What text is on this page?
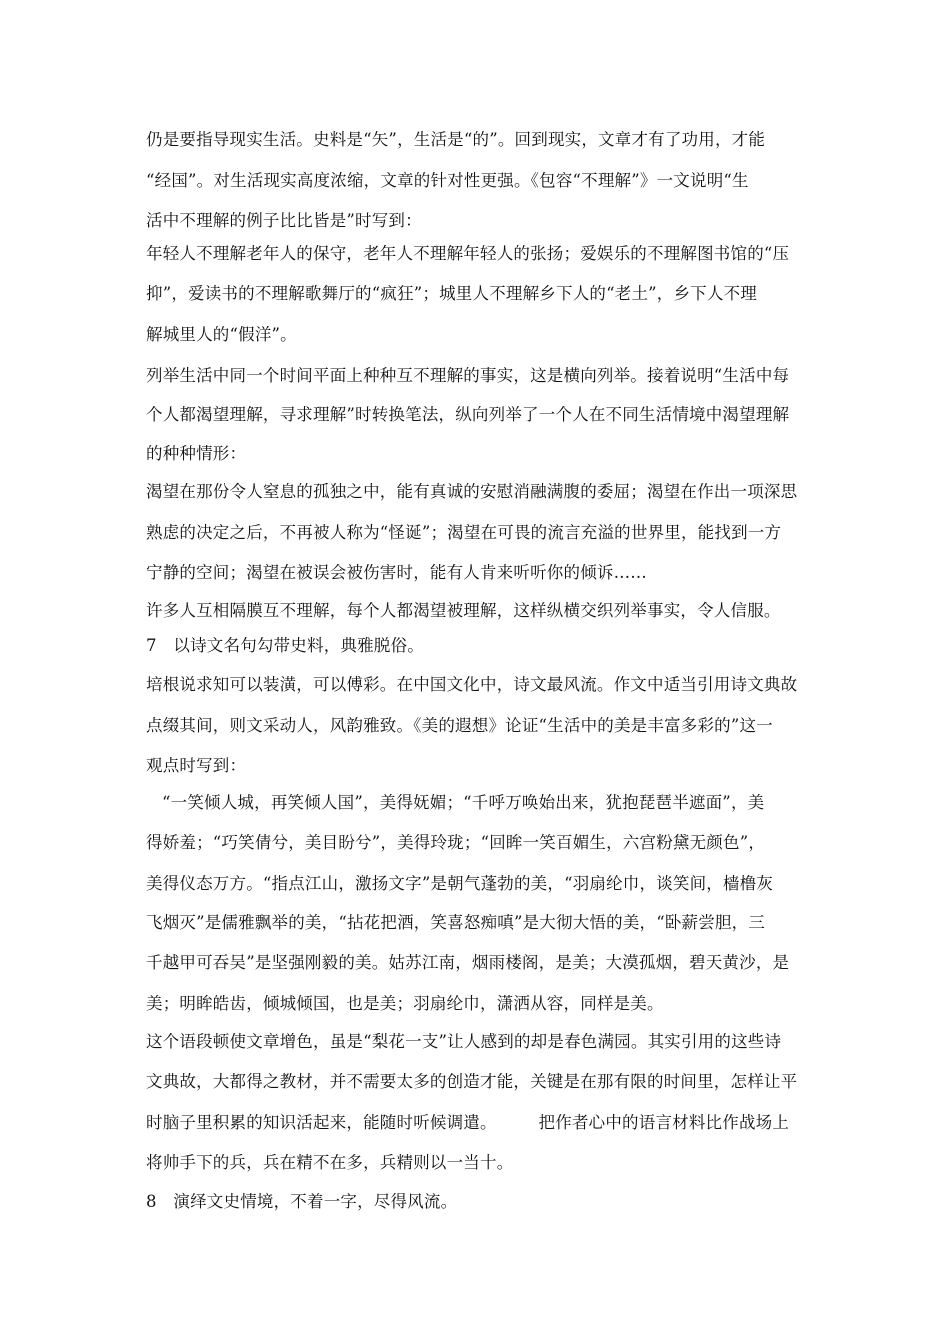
仍是要指导现实生活。史料是“矢”，生活是“的”。回到现实，文章才有了功用，才能
“经国”。对生活现实高度浓缩，文章的针对性更强。《包容“不理解”》一文说明“生
活中不理解的例子比比皆是”时写到：
年轻人不理解老年人的保守，老年人不理解年轻人的张扬；爱娱乐的不理解图书馆的“压
抑”，爱读书的不理解歌舞厅的“疯狂”；城里人不理解乡下人的“老土”，乡下人不理
解城里人的“假洋”。
列举生活中同一个时间平面上种种互不理解的事实，这是横向列举。接着说明“生活中每
个人都渴望理解，寻求理解”时转换笔法，纵向列举了一个人在不同生活情境中渴望理解
的种种情形：
渴望在那份令人窒息的孤独之中，能有真诚的安慰消融满腹的委屈；渴望在作出一项深思
熟虑的决定之后，不再被人称为“怪诞”；渴望在可畏的流言充溢的世界里，能找到一方
宁静的空间；渴望在被误会被伤害时，能有人肯来听听你的倾诉……
许多人互相隔膜互不理解，每个人都渴望被理解，这样纵横交织列举事实，令人信服。
7　以诗文名句勾带史料，典雅脱俗。
培根说求知可以装潢，可以傅彩。在中国文化中，诗文最风流。作文中适当引用诗文典故
点缀其间，则文采动人，风韵雅致。《美的遐想》论证“生活中的美是丰富多彩的”这一
观点时写到：
“一笑倾人城，再笑倾人国”，美得妩媚；“千呼万唤始出来，犹抱琵琶半遮面”，美
得娇羞；“巧笑倩兮，美目盼兮”，美得玲珑；“回眸一笑百媚生，六宫粉黛无颜色”，
美得仪态万方。“指点江山，激扬文字”是朝气蓬勃的美，“羽扇纶巾，谈笑间，樯橹灰
飞烟灭”是儒雅飘举的美，“拈花把酒，笑喜怒痴嗔”是大彻大悟的美，“卧薪尝胆，三
千越甲可吞吴”是坚强刚毅的美。姑苏江南，烟雨楼阁，是美；大漠孤烟，碧天黄沙，是
美；明眸皓齿，倾城倾国，也是美；羽扇纶巾，潇洒从容，同样是美。
这个语段顿使文章增色，虽是“梨花一支”让人感到的却是春色满园。其实引用的这些诗
文典故，大都得之教材，并不需要太多的创造才能，关键是在那有限的时间里，怎样让平
时脑子里积累的知识活起来，能随时听候调遣。　　　把作者心中的语言材料比作战场上
将帅手下的兵，兵在精不在多，兵精则以一当十。
8　演绎文史情境，不着一字，尽得风流。
